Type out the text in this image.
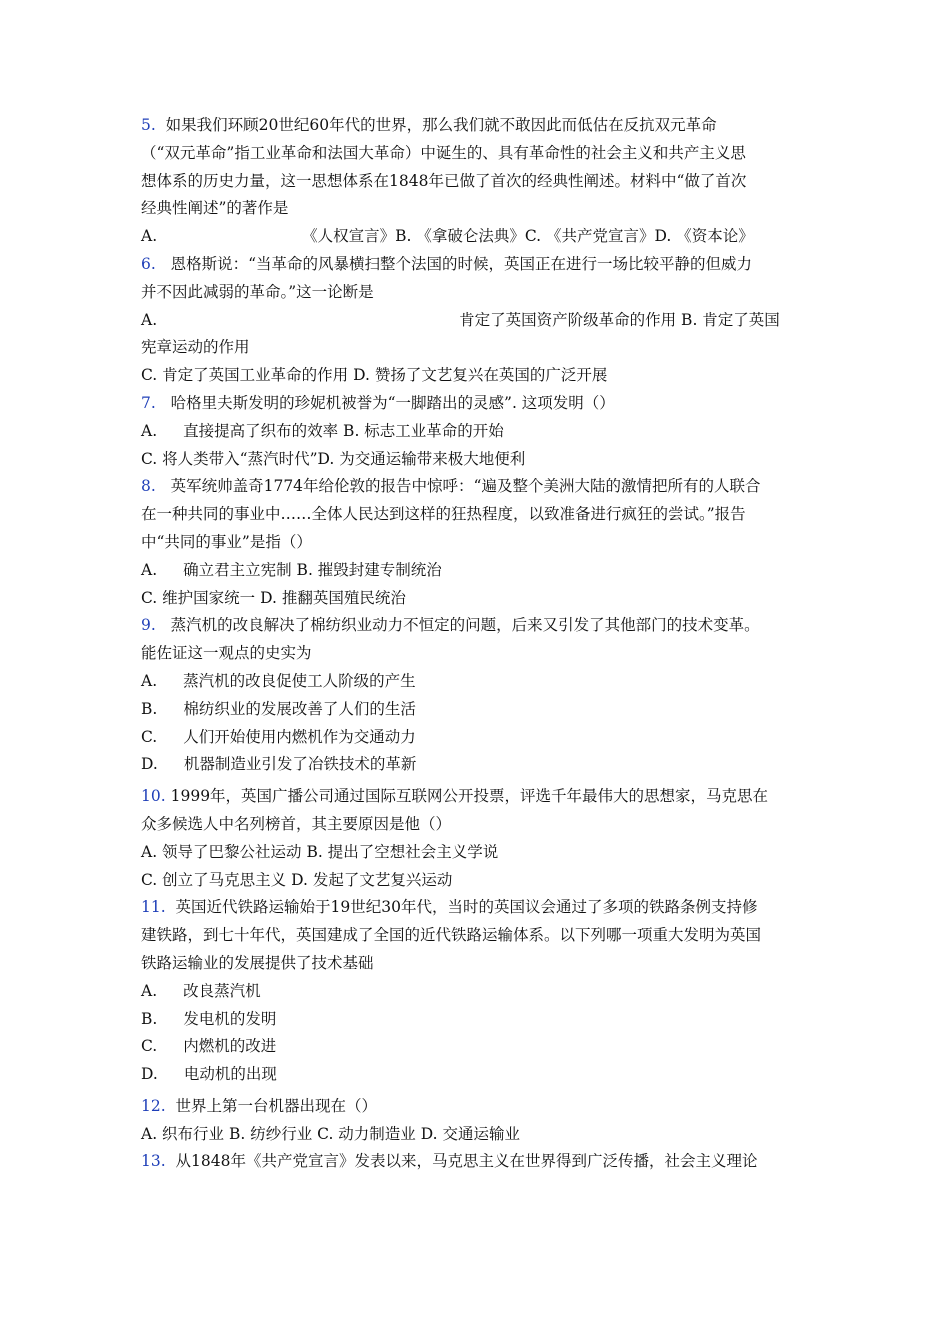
5. 如果我们环顾20世纪60年代的世界，那么我们就不敢因此而低估在反抗双元革命

（“双元革命”指工业革命和法国大革命）中诞生的、具有革命性的社会主义和共产主义思

想体系的历史力量，这一思想体系在1848年已做了首次的经典性阐述。材料中“做了首次

经典性阐述”的著作是

A.	《人权宣言》B. 《拿破仑法典》C. 《共产党宣言》D. 《资本论》

6. 恩格斯说：“当革命的风暴横扫整个法国的时候，英国正在进行一场比较平静的但威力

并不因此减弱的革命。”这一论断是

A.	肯定了英国资产阶级革命的作用 B. 肯定了英国

宪章运动的作用

C. 肯定了英国工业革命的作用 D. 赞扬了文艺复兴在英国的广泛开展

7. 哈格里夫斯发明的珍妮机被誉为“一脚踏出的灵感”. 这项发明（）

A. 直接提高了织布的效率 B. 标志工业革命的开始

C. 将人类带入“蒸汽时代”D. 为交通运输带来极大地便利

8. 英军统帅盖奇1774年给伦敦的报告中惊呼：“遍及整个美洲大陆的激情把所有的人联合

在一种共同的事业中……全体人民达到这样的狂热程度，以致准备进行疯狂的尝试。”报告

中“共同的事业”是指（）

A. 确立君主立宪制 B. 摧毁封建专制统治

C. 维护国家统一 D. 推翻英国殖民统治

9. 蒸汽机的改良解决了棉纺织业动力不恒定的问题，后来又引发了其他部门的技术变革。

能佐证这一观点的史实为

A. 蒸汽机的改良促使工人阶级的产生

B. 棉纺织业的发展改善了人们的生活

C. 人们开始使用内燃机作为交通动力

D. 机器制造业引发了冶铁技术的革新

10. 1999年，英国广播公司通过国际互联网公开投票，评选千年最伟大的思想家，马克思在

众多候选人中名列榜首，其主要原因是他（）

A. 领导了巴黎公社运动 B. 提出了空想社会主义学说

C. 创立了马克思主义 D. 发起了文艺复兴运动

11. 英国近代铁路运输始于19世纪30年代，当时的英国议会通过了多项的铁路条例支持修

建铁路，到七十年代，英国建成了全国的近代铁路运输体系。以下列哪一项重大发明为英国

铁路运输业的发展提供了技术基础

A. 改良蒸汽机

B. 发电机的发明

C. 内燃机的改进

D. 电动机的出现

12. 世界上第一台机器出现在（）

A. 织布行业 B. 纺纱行业 C. 动力制造业 D. 交通运输业

13. 从1848年《共产党宣言》发表以来，马克思主义在世界得到广泛传播，社会主义理论
